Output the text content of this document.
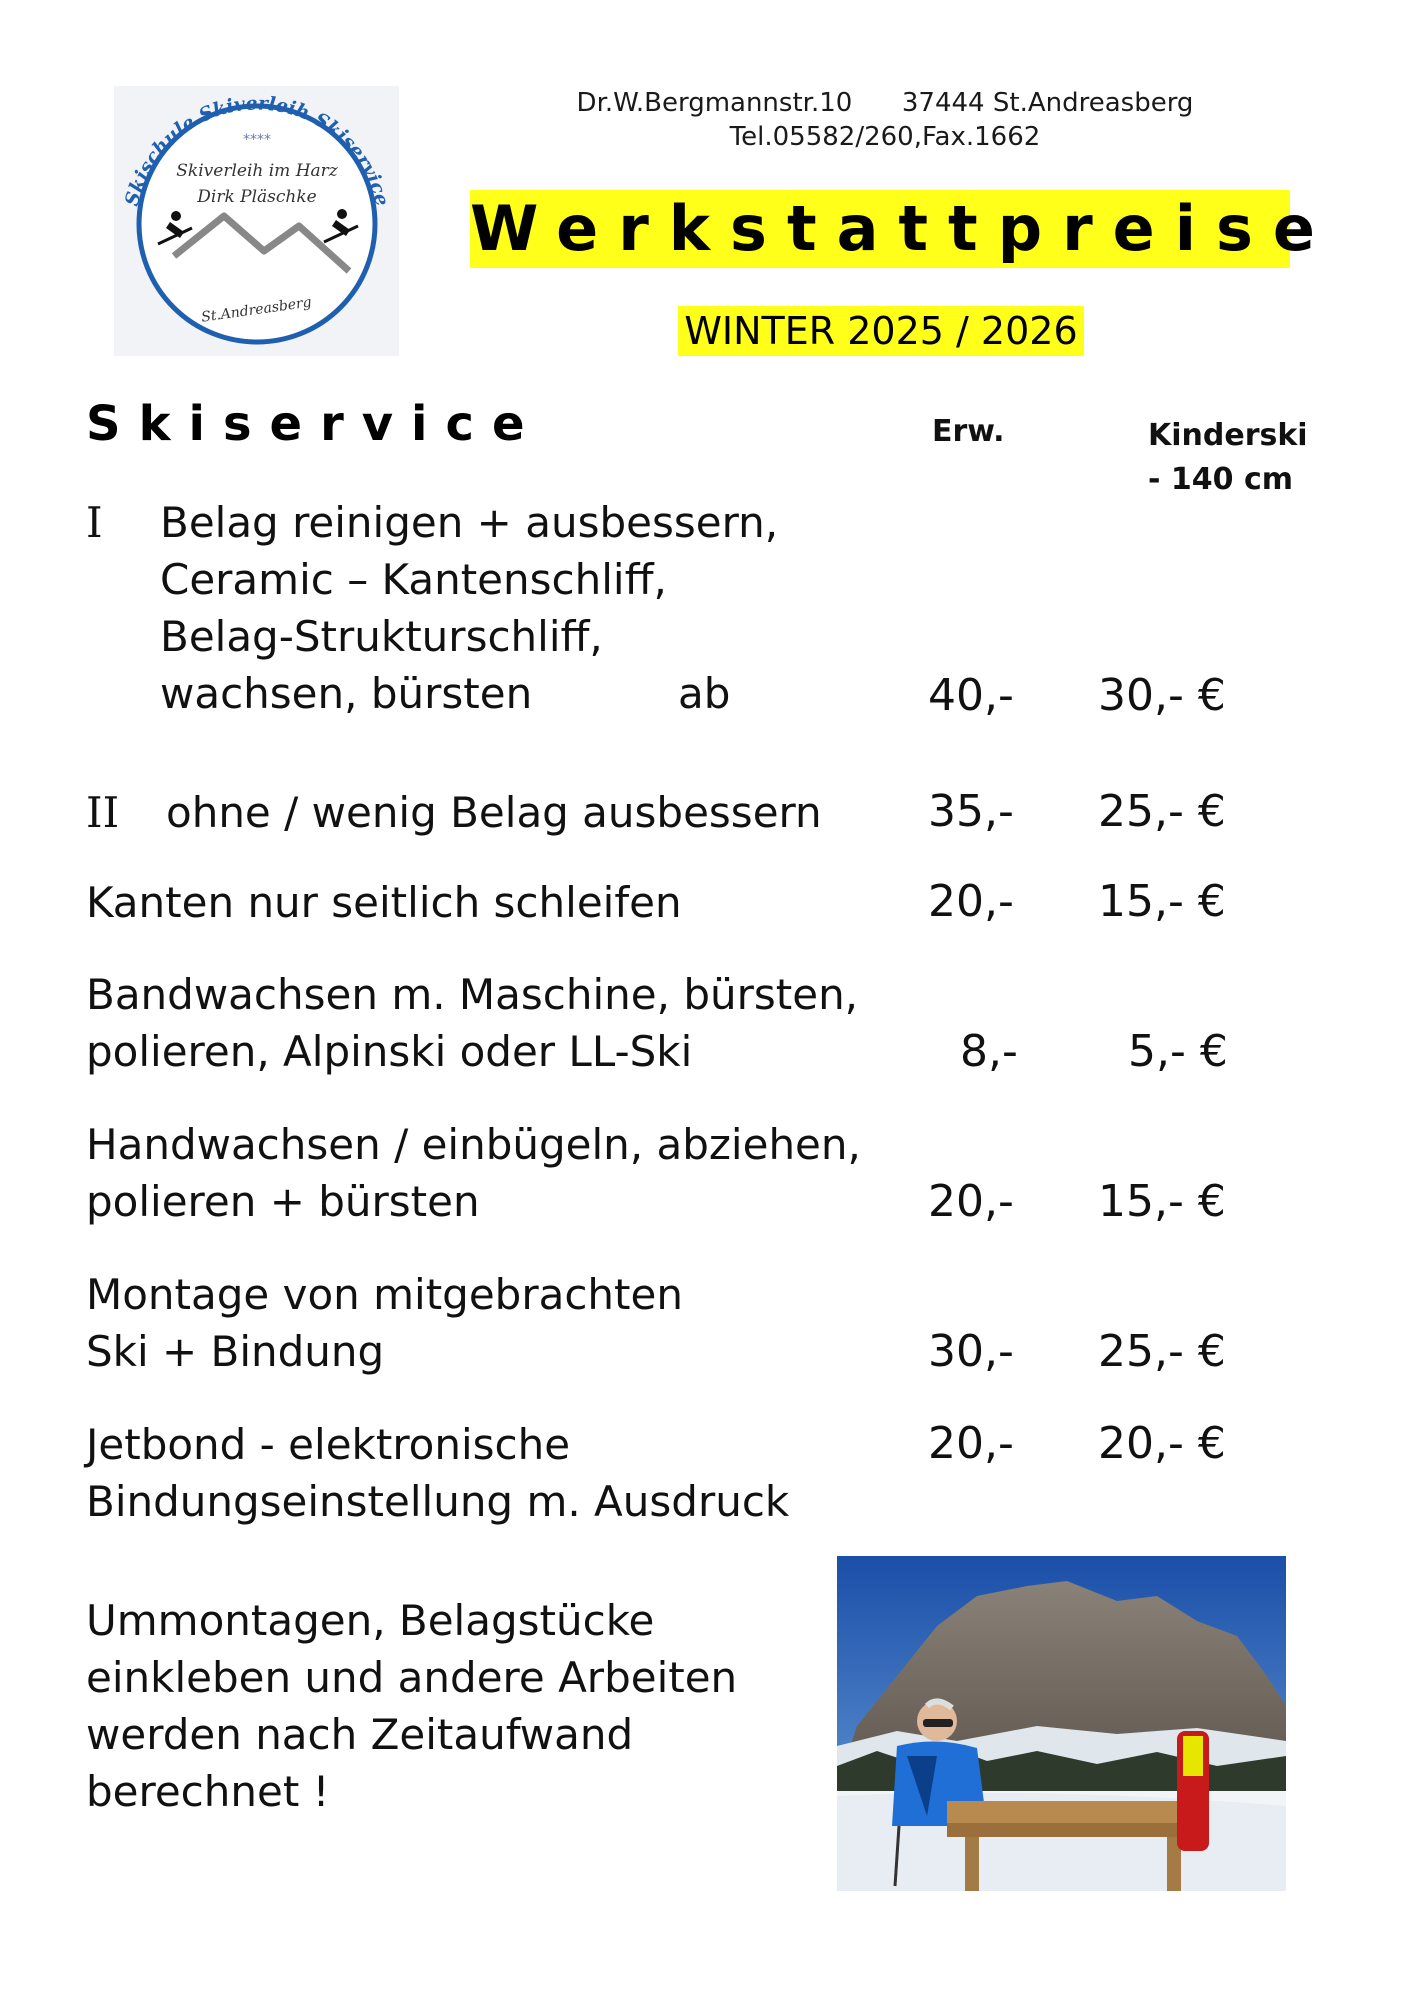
Skischule Skiverleih Skiservice
****
Skiverleih im Harz
Dirk Pläschke
St.Andreasberg
Dr.W.Bergmannstr.10      37444 St.Andreasberg
Tel.05582/260,Fax.1662
Werkstattpreise
WINTER 2025 / 2026
Skiservice	Erw.	Kinderski
- 140 cm
I Belag reinigen + ausbessern,
Ceramic – Kantenschliff,
Belag-Strukturschliff,
wachsen, bürsten	ab	40,- 30,- €
II ohne / wenig Belag ausbessern 35,- 25,- €
Kanten nur seitlich schleifen	20,- 15,- €
Bandwachsen m. Maschine, bürsten,
polieren, Alpinski oder LL-Ski	8,-	5,- €
Handwachsen / einbügeln, abziehen,
polieren + bürsten	20,- 15,- €
Montage von mitgebrachten
Ski + Bindung	30,- 25,- €
Jetbond - elektronische
Bindungseinstellung m. Ausdruck
20,- 20,- €
Ummontagen, Belagstücke
einkleben und andere Arbeiten
werden nach Zeitaufwand
berechnet !
